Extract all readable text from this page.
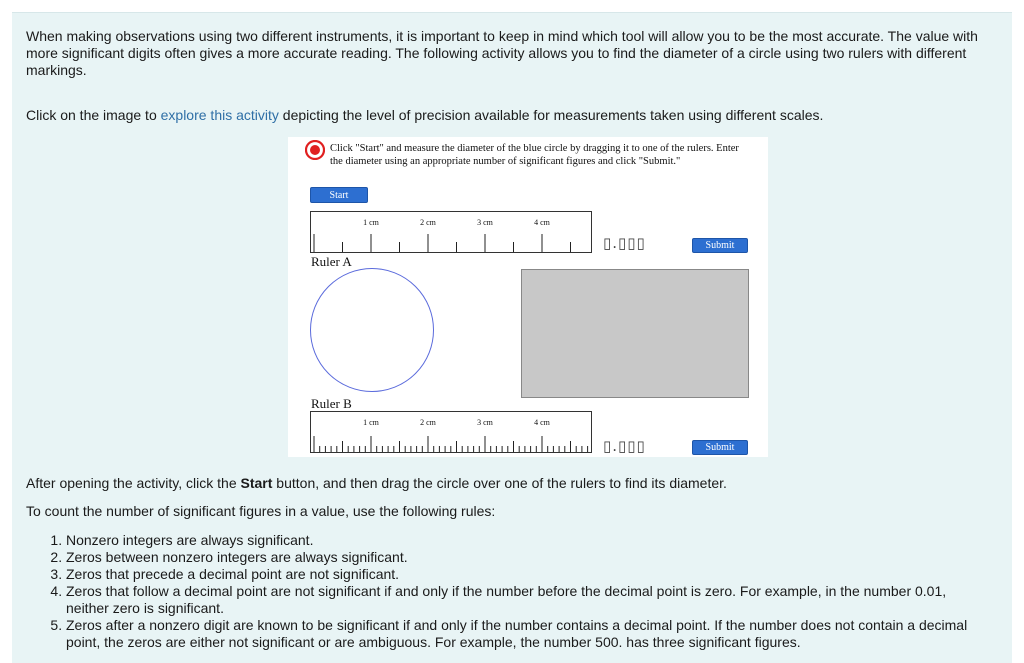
When making observations using two different instruments, it is important to keep in mind which tool will allow you to be the most accurate. The value with more significant digits often gives a more accurate reading. The following activity allows you to find the diameter of a circle using two rulers with different markings.

Click on the image to explore this activity depicting the level of precision available for measurements taken using different scales.

Click "Start" and measure the diameter of the blue circle by dragging it to one of the rulers. Enter the diameter using an appropriate number of significant figures and click "Submit."
Start
1 cm	2 cm	3 cm	4 cm
Ruler A
▯.▯▯▯	Submit
Ruler B
1 cm	2 cm	3 cm	4 cm
▯.▯▯▯	Submit

After opening the activity, click the Start button, and then drag the circle over one of the rulers to find its diameter.

To count the number of significant figures in a value, use the following rules:

1. Nonzero integers are always significant.
2. Zeros between nonzero integers are always significant.
3. Zeros that precede a decimal point are not significant.
4. Zeros that follow a decimal point are not significant if and only if the number before the decimal point is zero. For example, in the number 0.01, neither zero is significant.
5. Zeros after a nonzero digit are known to be significant if and only if the number contains a decimal point. If the number does not contain a decimal point, the zeros are either not significant or are ambiguous. For example, the number 500. has three significant figures.
